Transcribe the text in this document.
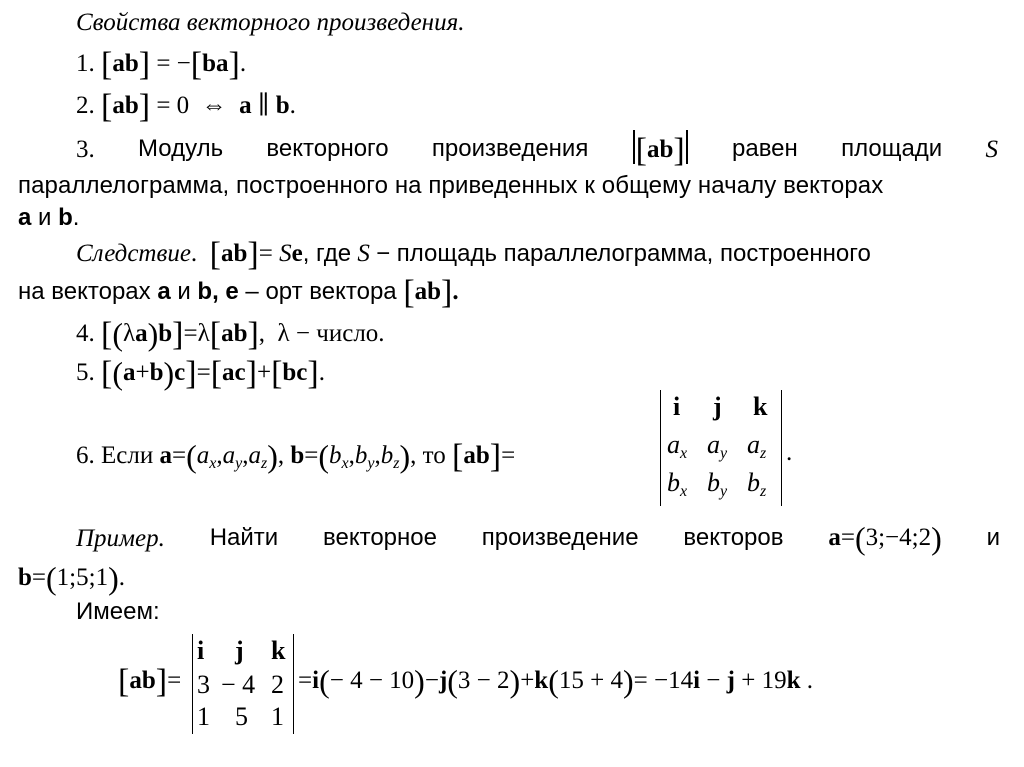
Свойства векторного произведения.
1. [ab] = −[ba].
2. [ab] = 0 ⇔ a ∥ b.
3. Модуль векторного произведения [ab] равен площади S
параллелограмма, построенного на приведенных к общему началу векторах
a и b.
Следствие. [ab]= Se, где S − площадь параллелограмма, построенного
на векторах a и b, e – орт вектора [ab].
4. [(λa)b]=λ[ab], λ − число.
5. [(a+b)c]=[ac]+[bc].
6. Если $a=(a_x,a_y,a_z)$, $b=(b_x,b_y,b_z)$, то [ab]=
i j k
$a_x$ $a_y$ $a_z$
$b_x$ $b_y$ $b_z$
.
Пример. Найти векторное произведение векторов a=(3;−4;2) и
b=(1;5;1).
Имеем:
[ab]=
i j k
3 − 4 2
1 5 1
=i(− 4 − 10)−j(3 − 2)+k(15 + 4)= −14i − j + 19k .
